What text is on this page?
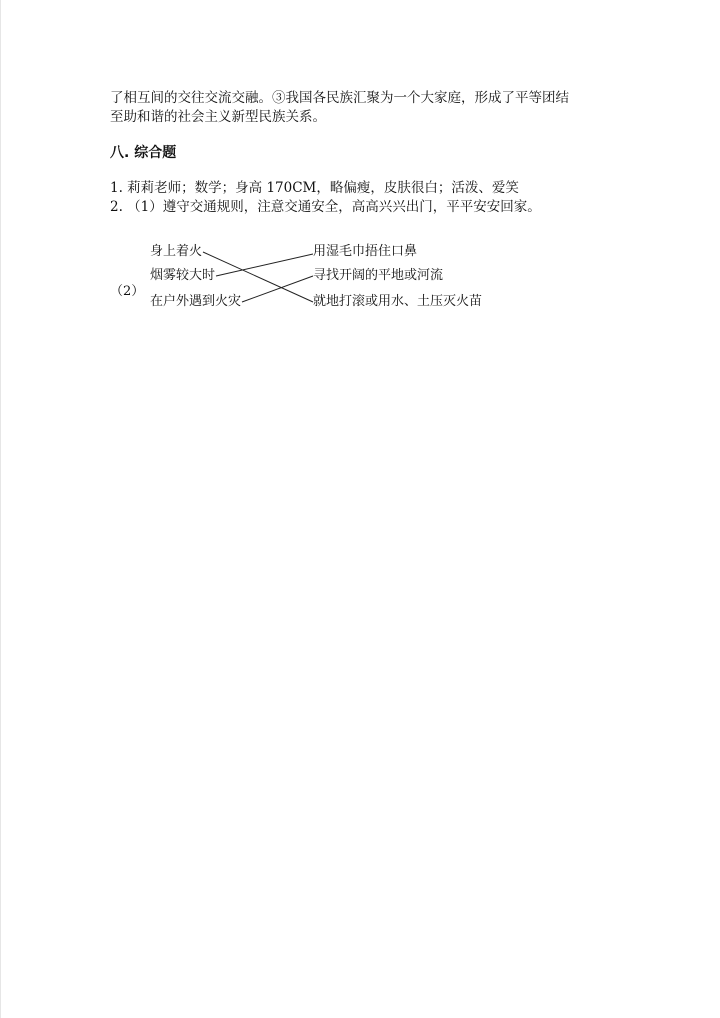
了相互间的交往交流交融。③我国各民族汇聚为一个大家庭，形成了平等团结
至助和谐的社会主义新型民族关系。
八. 综合题
1. 莉莉老师；数学；身高 170CM，略偏瘦，皮肤很白；活泼、爱笑
2. （1）遵守交通规则，注意交通安全，高高兴兴出门，平平安安回家。
（2）
身上着火
烟雾较大时
在户外遇到火灾
用湿毛巾捂住口鼻
寻找开阔的平地或河流
就地打滚或用水、土压灭火苗
